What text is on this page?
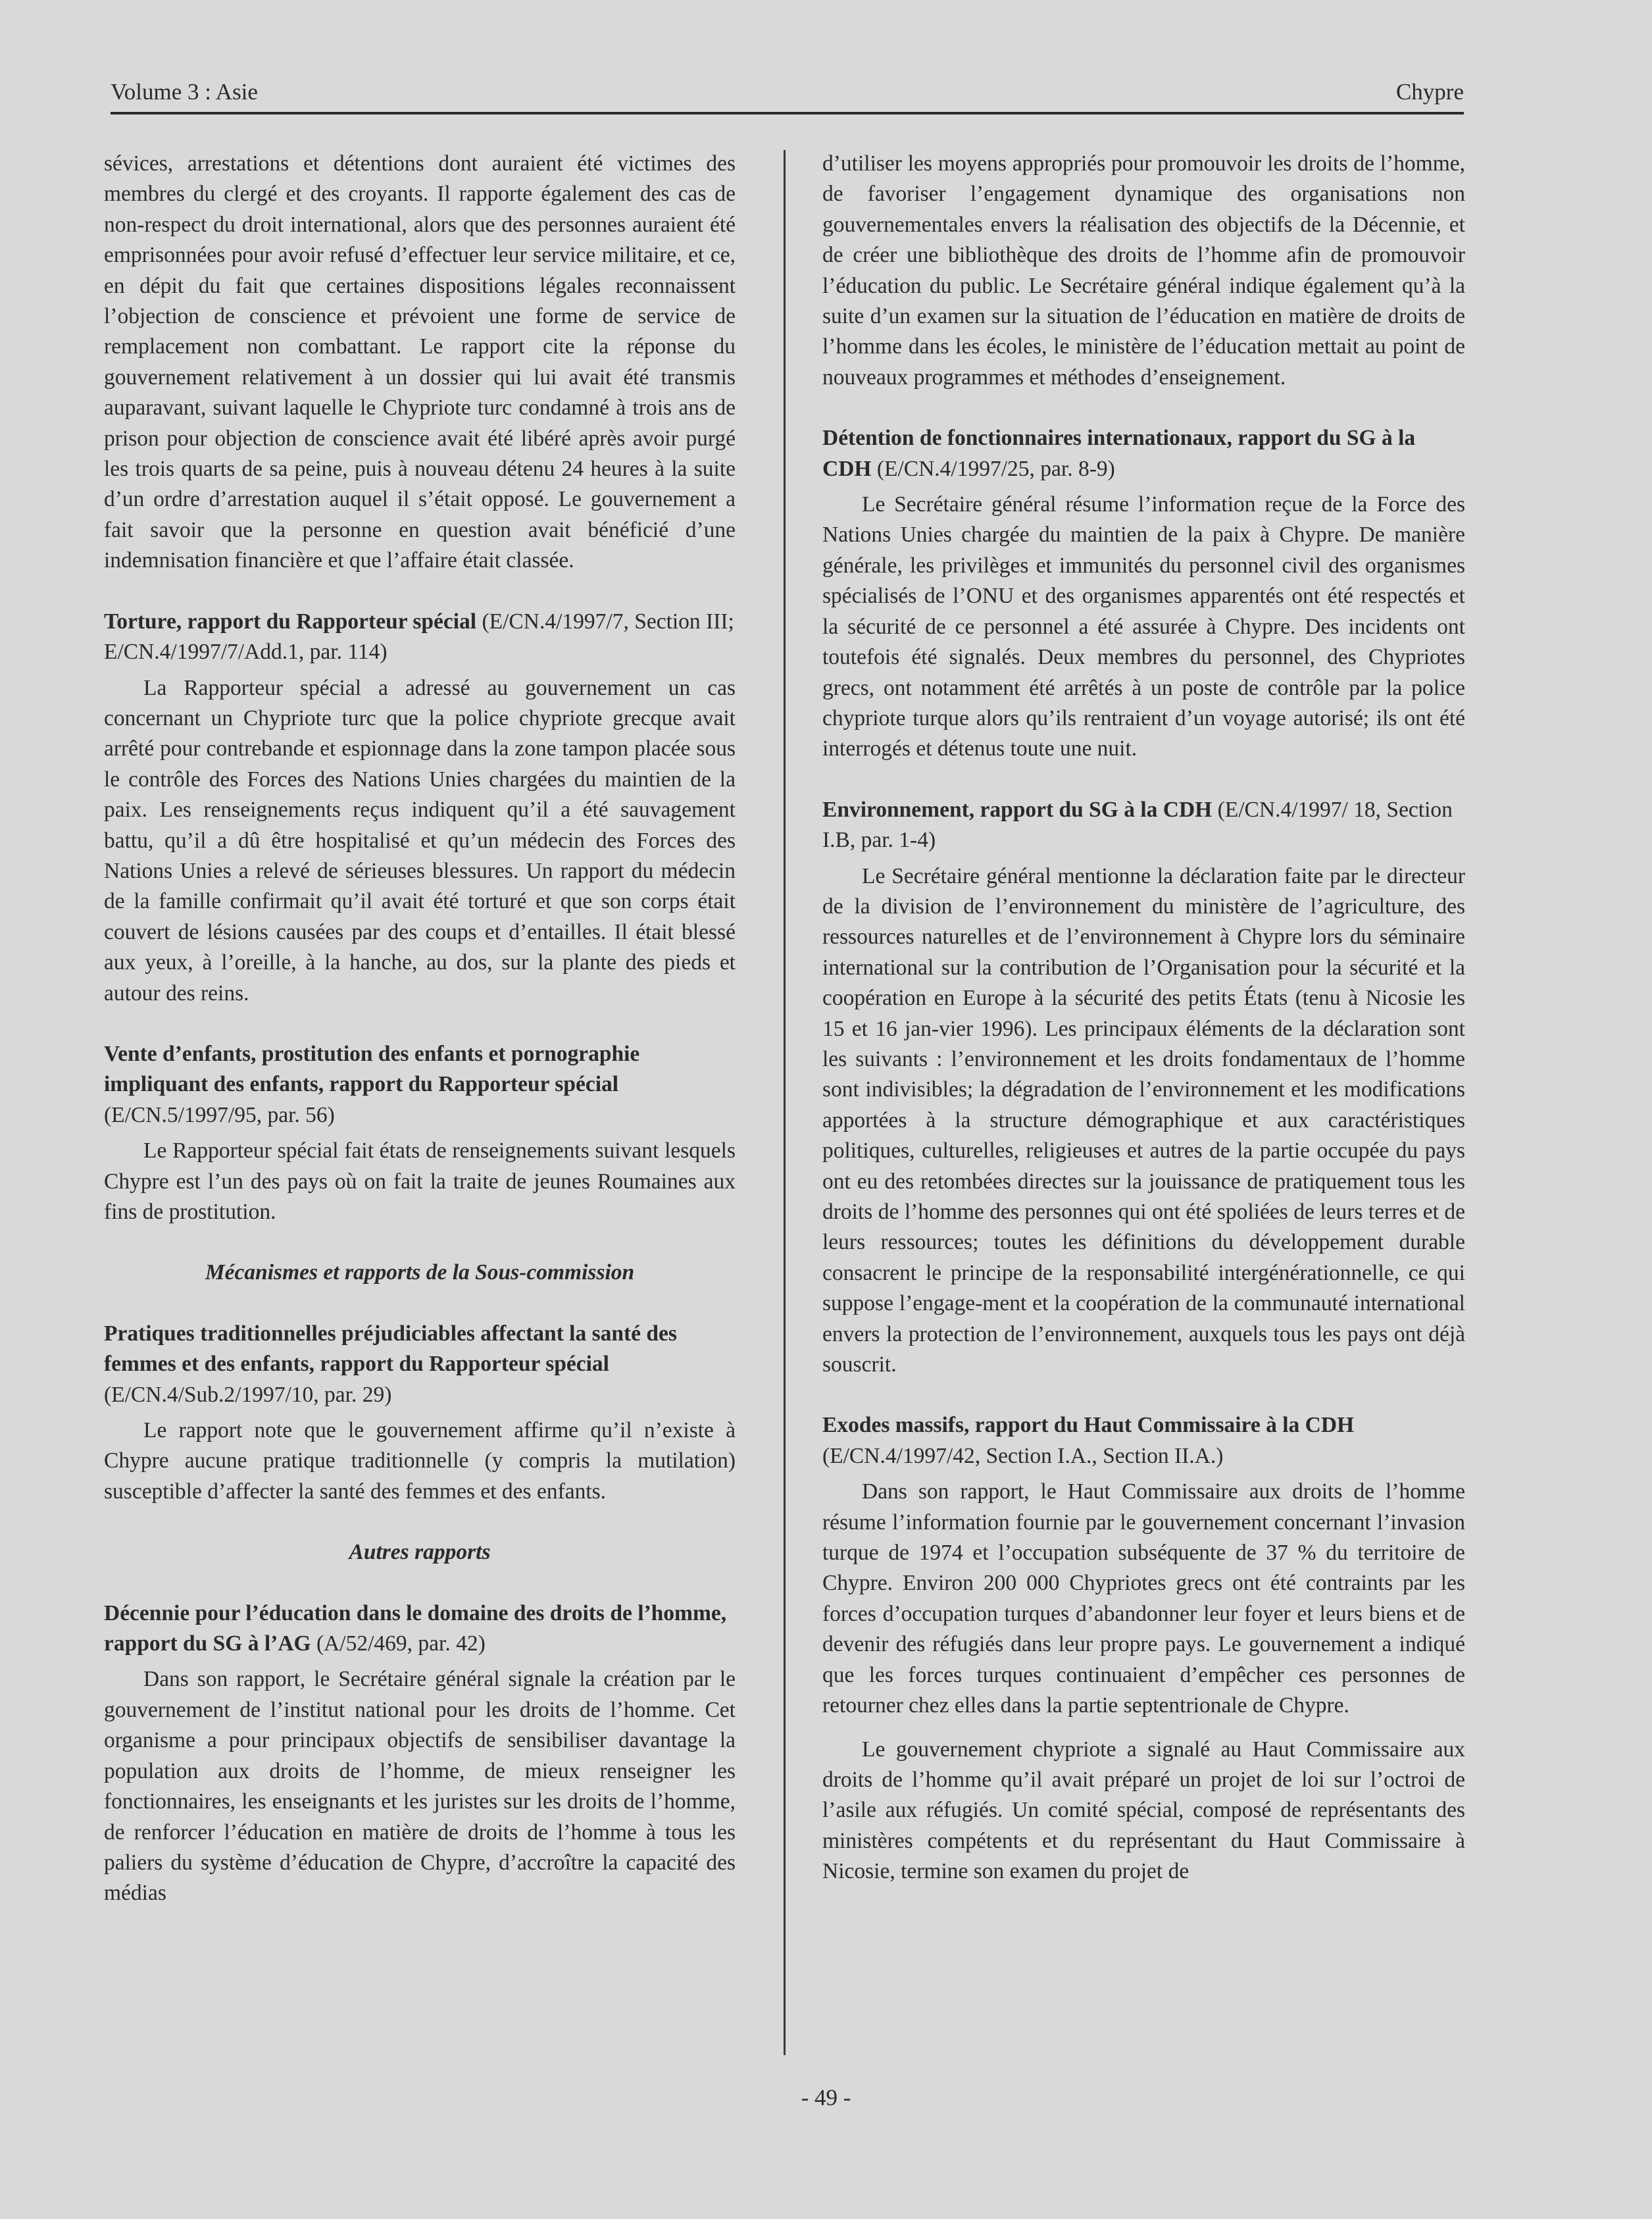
Volume 3 : Asie	Chypre

sévices, arrestations et détentions dont auraient été victimes des membres du clergé et des croyants. Il rapporte également des cas de non-respect du droit international, alors que des personnes auraient été emprisonnées pour avoir refusé d’effectuer leur service militaire, et ce, en dépit du fait que certaines dispositions légales reconnaissent l’objection de conscience et prévoient une forme de service de remplacement non combattant. Le rapport cite la réponse du gouvernement relativement à un dossier qui lui avait été transmis auparavant, suivant laquelle le Chypriote turc condamné à trois ans de prison pour objection de conscience avait été libéré après avoir purgé les trois quarts de sa peine, puis à nouveau détenu 24 heures à la suite d’un ordre d’arrestation auquel il s’était opposé. Le gouvernement a fait savoir que la personne en question avait bénéficié d’une indemnisation financière et que l’affaire était classée.

Torture, rapport du Rapporteur spécial (E/CN.4/1997/7, Section III; E/CN.4/1997/7/Add.1, par. 114)

La Rapporteur spécial a adressé au gouvernement un cas concernant un Chypriote turc que la police chypriote grecque avait arrêté pour contrebande et espionnage dans la zone tampon placée sous le contrôle des Forces des Nations Unies chargées du maintien de la paix. Les renseignements reçus indiquent qu’il a été sauvagement battu, qu’il a dû être hospitalisé et qu’un médecin des Forces des Nations Unies a relevé de sérieuses blessures. Un rapport du médecin de la famille confirmait qu’il avait été torturé et que son corps était couvert de lésions causées par des coups et d’entailles. Il était blessé aux yeux, à l’oreille, à la hanche, au dos, sur la plante des pieds et autour des reins.

Vente d’enfants, prostitution des enfants et pornographie impliquant des enfants, rapport du Rapporteur spécial (E/CN.5/1997/95, par. 56)

Le Rapporteur spécial fait états de renseignements suivant lesquels Chypre est l’un des pays où on fait la traite de jeunes Roumaines aux fins de prostitution.

Mécanismes et rapports de la Sous-commission

Pratiques traditionnelles préjudiciables affectant la santé des femmes et des enfants, rapport du Rapporteur spécial (E/CN.4/Sub.2/1997/10, par. 29)

Le rapport note que le gouvernement affirme qu’il n’existe à Chypre aucune pratique traditionnelle (y compris la mutilation) susceptible d’affecter la santé des femmes et des enfants.

Autres rapports

Décennie pour l’éducation dans le domaine des droits de l’homme, rapport du SG à l’AG (A/52/469, par. 42)

Dans son rapport, le Secrétaire général signale la création par le gouvernement de l’institut national pour les droits de l’homme. Cet organisme a pour principaux objectifs de sensibiliser davantage la population aux droits de l’homme, de mieux renseigner les fonctionnaires, les enseignants et les juristes sur les droits de l’homme, de renforcer l’éducation en matière de droits de l’homme à tous les paliers du système d’éducation de Chypre, d’accroître la capacité des médias

d’utiliser les moyens appropriés pour promouvoir les droits de l’homme, de favoriser l’engagement dynamique des organisations non gouvernementales envers la réalisation des objectifs de la Décennie, et de créer une bibliothèque des droits de l’homme afin de promouvoir l’éducation du public. Le Secrétaire général indique également qu’à la suite d’un examen sur la situation de l’éducation en matière de droits de l’homme dans les écoles, le ministère de l’éducation mettait au point de nouveaux programmes et méthodes d’enseignement.

Détention de fonctionnaires internationaux, rapport du SG à la CDH (E/CN.4/1997/25, par. 8-9)

Le Secrétaire général résume l’information reçue de la Force des Nations Unies chargée du maintien de la paix à Chypre. De manière générale, les privilèges et immunités du personnel civil des organismes spécialisés de l’ONU et des organismes apparentés ont été respectés et la sécurité de ce personnel a été assurée à Chypre. Des incidents ont toutefois été signalés. Deux membres du personnel, des Chypriotes grecs, ont notamment été arrêtés à un poste de contrôle par la police chypriote turque alors qu’ils rentraient d’un voyage autorisé; ils ont été interrogés et détenus toute une nuit.

Environnement, rapport du SG à la CDH (E/CN.4/1997/ 18, Section I.B, par. 1-4)

Le Secrétaire général mentionne la déclaration faite par le directeur de la division de l’environnement du ministère de l’agriculture, des ressources naturelles et de l’environnement à Chypre lors du séminaire international sur la contribution de l’Organisation pour la sécurité et la coopération en Europe à la sécurité des petits États (tenu à Nicosie les 15 et 16 jan-vier 1996). Les principaux éléments de la déclaration sont les suivants : l’environnement et les droits fondamentaux de l’homme sont indivisibles; la dégradation de l’environnement et les modifications apportées à la structure démographique et aux caractéristiques politiques, culturelles, religieuses et autres de la partie occupée du pays ont eu des retombées directes sur la jouissance de pratiquement tous les droits de l’homme des personnes qui ont été spoliées de leurs terres et de leurs ressources; toutes les définitions du développement durable consacrent le principe de la responsabilité intergénérationnelle, ce qui suppose l’engage-ment et la coopération de la communauté international envers la protection de l’environnement, auxquels tous les pays ont déjà souscrit.

Exodes massifs, rapport du Haut Commissaire à la CDH (E/CN.4/1997/42, Section I.A., Section II.A.)

Dans son rapport, le Haut Commissaire aux droits de l’homme résume l’information fournie par le gouvernement concernant l’invasion turque de 1974 et l’occupation subséquente de 37 % du territoire de Chypre. Environ 200 000 Chypriotes grecs ont été contraints par les forces d’occupation turques d’abandonner leur foyer et leurs biens et de devenir des réfugiés dans leur propre pays. Le gouvernement a indiqué que les forces turques continuaient d’empêcher ces personnes de retourner chez elles dans la partie septentrionale de Chypre.

Le gouvernement chypriote a signalé au Haut Commissaire aux droits de l’homme qu’il avait préparé un projet de loi sur l’octroi de l’asile aux réfugiés. Un comité spécial, composé de représentants des ministères compétents et du représentant du Haut Commissaire à Nicosie, termine son examen du projet de

- 49 -
